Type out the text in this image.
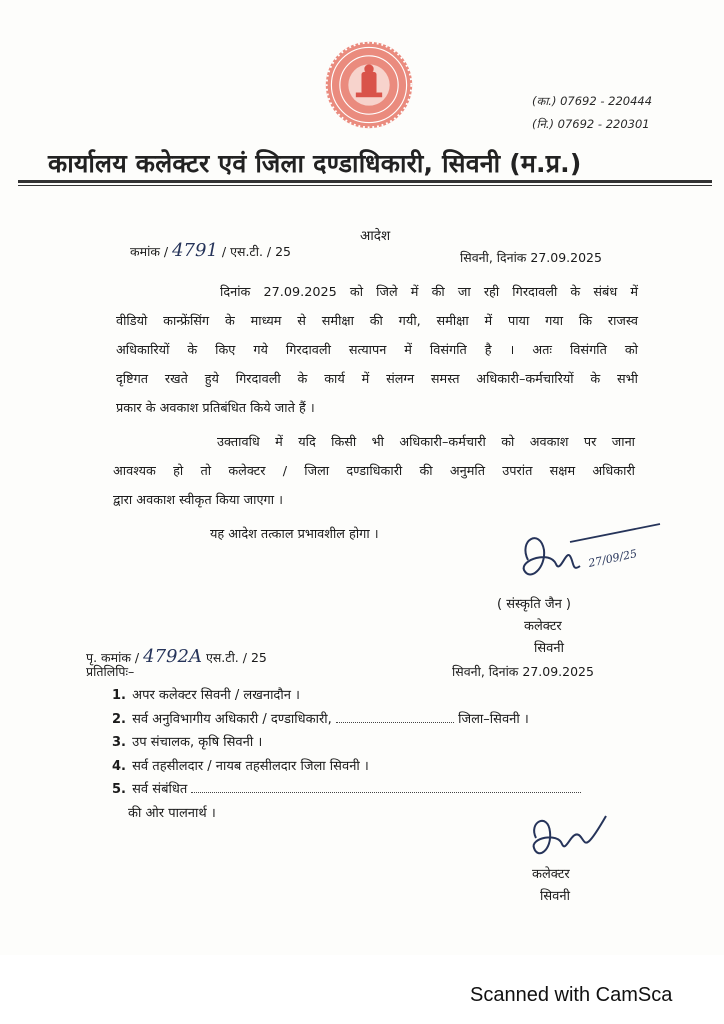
(का.) 07692 - 220444
(नि.) 07692 - 220301
कार्यालय कलेक्टर एवं जिला दण्डाधिकारी, सिवनी (म.प्र.)
आदेश
कमांक / 4791 / एस.टी. / 25	सिवनी, दिनांक 27.09.2025
दिनांक 27.09.2025 को जिले में की जा रही गिरदावली के संबंध में
वीडियो कान्फ्रेंसिंग के माध्यम से समीक्षा की गयी, समीक्षा में पाया गया कि राजस्व
अधिकारियों के किए गये गिरदावली सत्यापन में विसंगति है । अतः विसंगति को
दृष्टिगत रखते हुये गिरदावली के कार्य में संलग्न समस्त अधिकारी–कर्मचारियों के सभी
प्रकार के अवकाश प्रतिबंधित किये जाते हैं ।
उक्तावधि में यदि किसी भी अधिकारी–कर्मचारी को अवकाश पर जाना
आवश्यक हो तो कलेक्टर / जिला दण्डाधिकारी की अनुमति उपरांत सक्षम अधिकारी
द्वारा अवकाश स्वीकृत किया जाएगा ।
यह आदेश तत्काल प्रभावशील होगा ।
27/09/25
( संस्कृति जैन )
कलेक्टर
सिवनी
पृ. कमांक / 4792A एस.टी. / 25
प्रतिलिपिः–	सिवनी, दिनांक 27.09.2025
1. अपर कलेक्टर सिवनी / लखनादौन ।
2. सर्व अनुविभागीय अधिकारी / दण्डाधिकारी,	जिला–सिवनी ।
3. उप संचालक, कृषि सिवनी ।
4. सर्व तहसीलदार / नायब तहसीलदार जिला सिवनी ।
5. सर्व संबंधित
की ओर पालनार्थ ।
कलेक्टर
सिवनी
Scanned with CamSca
